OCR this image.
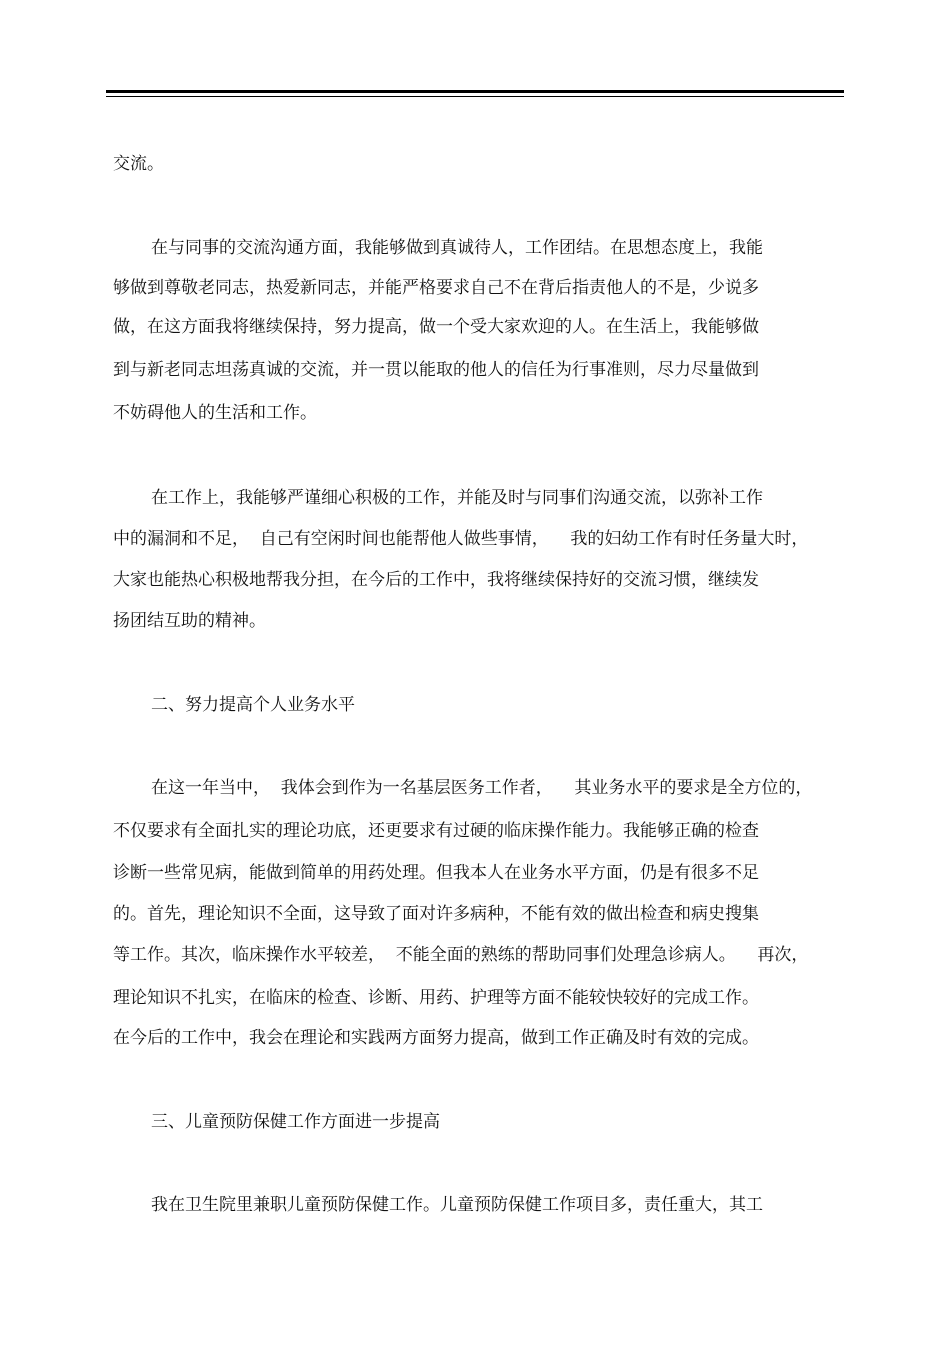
交流。
在与同事的交流沟通方面，我能够做到真诚待人，工作团结。在思想态度上，我能
够做到尊敬老同志，热爱新同志，并能严格要求自己不在背后指责他人的不是，少说多
做，在这方面我将继续保持，努力提高，做一个受大家欢迎的人。在生活上，我能够做
到与新老同志坦荡真诚的交流，并一贯以能取的他人的信任为行事准则，尽力尽量做到
不妨碍他人的生活和工作。
在工作上，我能够严谨细心积极的工作，并能及时与同事们沟通交流，以弥补工作
中的漏洞和不足，  自己有空闲时间也能帮他人做些事情，    我的妇幼工作有时任务量大时，
大家也能热心积极地帮我分担，在今后的工作中，我将继续保持好的交流习惯，继续发
扬团结互助的精神。
二、努力提高个人业务水平
在这一年当中，  我体会到作为一名基层医务工作者，    其业务水平的要求是全方位的，
不仅要求有全面扎实的理论功底，还更要求有过硬的临床操作能力。我能够正确的检查
诊断一些常见病，能做到简单的用药处理。但我本人在业务水平方面，仍是有很多不足
的。首先，理论知识不全面，这导致了面对许多病种，不能有效的做出检查和病史搜集
等工作。其次，临床操作水平较差，  不能全面的熟练的帮助同事们处理急诊病人。    再次，
理论知识不扎实，在临床的检查、诊断、用药、护理等方面不能较快较好的完成工作。
在今后的工作中，我会在理论和实践两方面努力提高，做到工作正确及时有效的完成。
三、儿童预防保健工作方面进一步提高
我在卫生院里兼职儿童预防保健工作。儿童预防保健工作项目多，责任重大，其工
